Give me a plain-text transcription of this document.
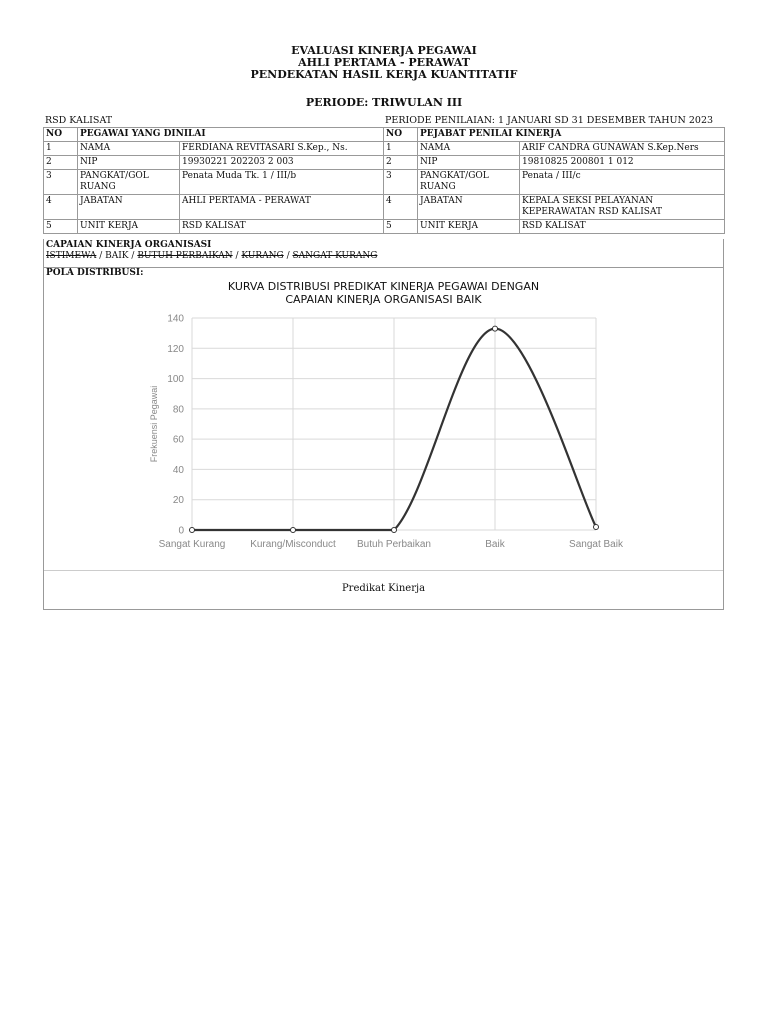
EVALUASI KINERJA PEGAWAI
AHLI PERTAMA - PERAWAT
PENDEKATAN HASIL KERJA KUANTITATIF
PERIODE: TRIWULAN III
RSD KALISAT	PERIODE PENILAIAN: 1 JANUARI SD 31 DESEMBER TAHUN 2023
NO	PEGAWAI YANG DINILAI		NO	PEJABAT PENILAI KINERJA	
1	NAMA	FERDIANA REVITASARI S.Kep., Ns.	1	NAMA	ARIF CANDRA GUNAWAN S.Kep.Ners
2	NIP	19930221 202203 2 003	2	NIP	19810825 200801 1 012
3	PANGKAT/GOL RUANG	Penata Muda Tk. 1 / III/b	3	PANGKAT/GOL RUANG	Penata / III/c
4	JABATAN	AHLI PERTAMA - PERAWAT	4	JABATAN	KEPALA SEKSI PELAYANAN KEPERAWATAN RSD KALISAT
5	UNIT KERJA	RSD KALISAT	5	UNIT KERJA	RSD KALISAT
CAPAIAN KINERJA ORGANISASI
ISTIMEWA / BAIK / BUTUH PERBAIKAN / KURANG / SANGAT KURANG
POLA DISTRIBUSI:
KURVA DISTRIBUSI PREDIKAT KINERJA PEGAWAI DENGAN
CAPAIAN KINERJA ORGANISASI BAIK
0
20
40
60
80
100
120
140
Sangat Kurang Kurang/Misconduct Butuh Perbaikan	Baik	Sangat Baik
Frekuensi Pegawai
Predikat Kinerja
